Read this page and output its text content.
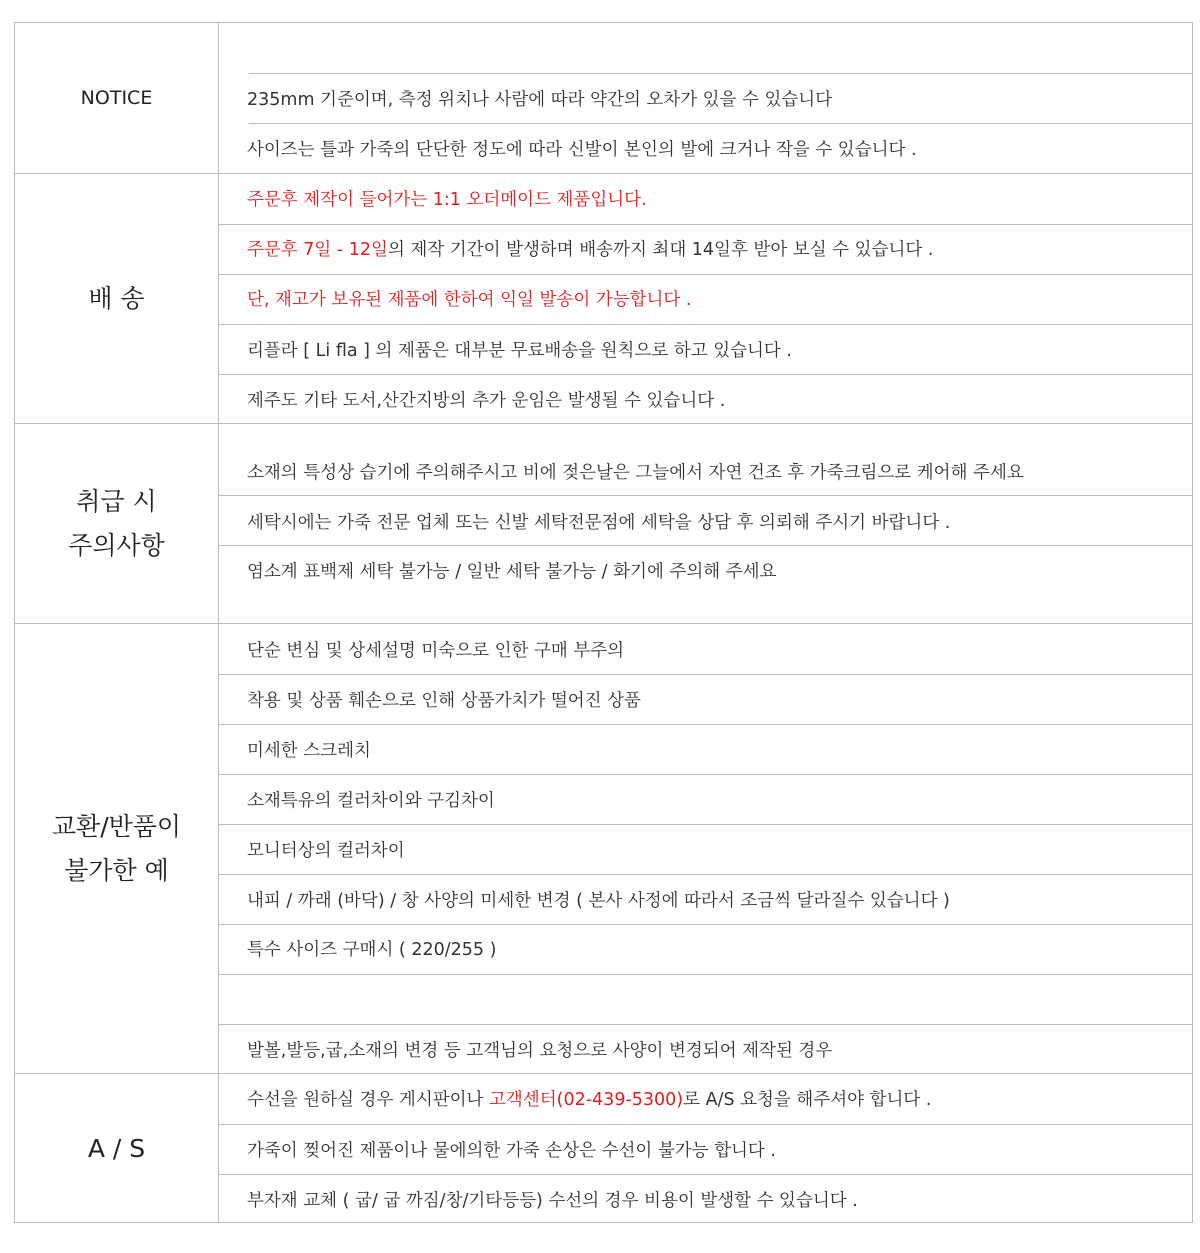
NOTICE	235mm 기준이며, 측정 위치나 사람에 따라 약간의 오차가 있을 수 있습니다
사이즈는 틀과 가죽의 단단한 정도에 따라 신발이 본인의 발에 크거나 작을 수 있습니다 .
배 송
주문후 제작이 들어가는 1:1 오더메이드 제품입니다.
주문후 7일 - 12일의 제작 기간이 발생하며 배송까지 최대 14일후 받아 보실 수 있습니다 .
단, 재고가 보유된 제품에 한하여 익일 발송이 가능합니다 .
리플라 [ Li fla ] 의 제품은 대부분 무료배송을 원칙으로 하고 있습니다 .
제주도 기타 도서,산간지방의 추가 운임은 발생될 수 있습니다 .
취급 시
주의사항
소재의 특성상 습기에 주의해주시고 비에 젖은날은 그늘에서 자연 건조 후 가죽크림으로 케어해 주세요
세탁시에는 가죽 전문 업체 또는 신발 세탁전문점에 세탁을 상담 후 의뢰해 주시기 바랍니다 .
염소계 표백제 세탁 불가능 / 일반 세탁 불가능 / 화기에 주의해 주세요
교환/반품이
불가한 예
단순 변심 및 상세설명 미숙으로 인한 구매 부주의
착용 및 상품 훼손으로 인해 상품가치가 떨어진 상품
미세한 스크레치
소재특유의 컬러차이와 구김차이
모니터상의 컬러차이
내피 / 까래 (바닥) / 창 사양의 미세한 변경 ( 본사 사정에 따라서 조금씩 달라질수 있습니다 )
특수 사이즈 구매시 ( 220/255 )
발볼,발등,굽,소재의 변경 등 고객님의 요청으로 사양이 변경되어 제작된 경우
A / S
수선을 원하실 경우 게시판이나 고객센터(02-439-5300)로 A/S 요청을 해주셔야 합니다 .
가죽이 찢어진 제품이나 물에의한 가죽 손상은 수선이 불가능 합니다 .
부자재 교체 ( 굽/ 굽 까짐/창/기타등등) 수선의 경우 비용이 발생할 수 있습니다 .
